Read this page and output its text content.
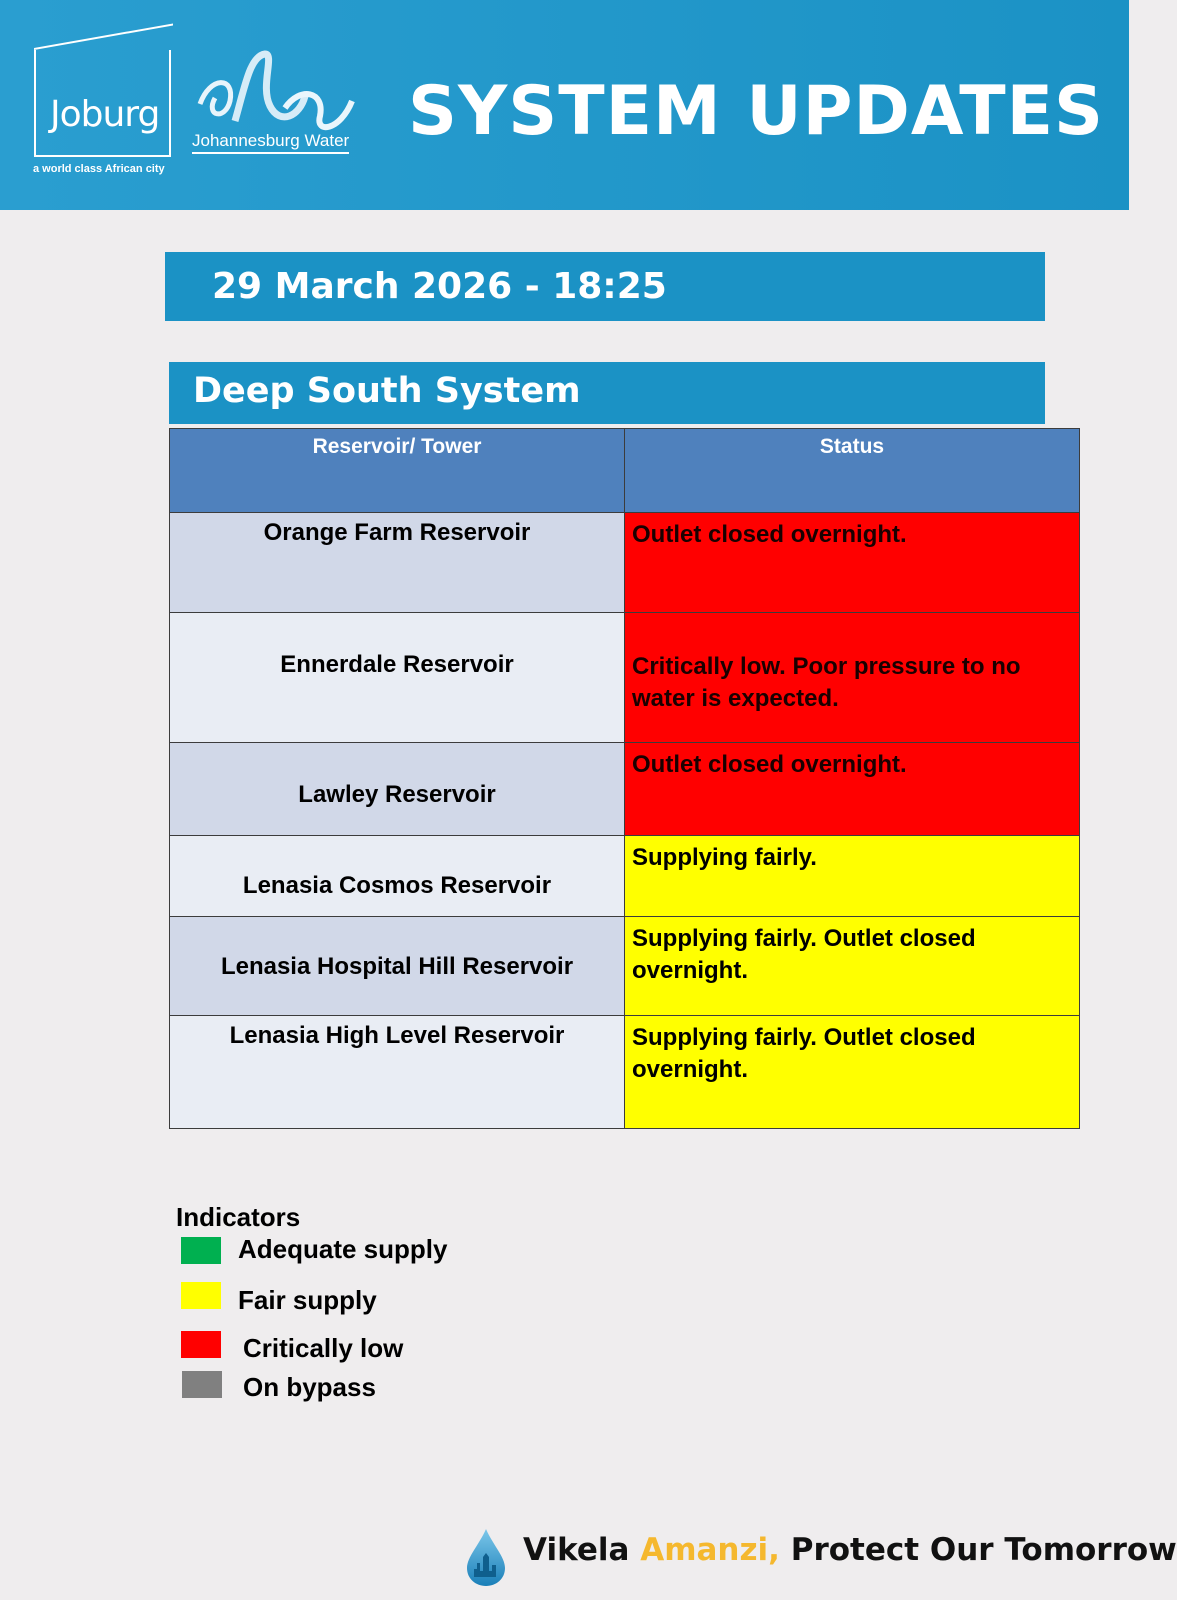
Joburg
a world class African city
Johannesburg Water SYSTEM UPDATES
29 March 2026 - 18:25
Deep South System
Reservoir/ Tower	Status
Orange Farm Reservoir	Outlet closed overnight.
Ennerdale Reservoir	Critically low. Poor pressure to no water is expected.
Lawley Reservoir	Outlet closed overnight.
Lenasia Cosmos Reservoir	Supplying fairly.
Lenasia Hospital Hill Reservoir	Supplying fairly. Outlet closed overnight.
Lenasia High Level Reservoir	Supplying fairly. Outlet closed overnight.
Indicators
Adequate supply
Fair supply
Critically low
On bypass
Vikela Amanzi, Protect Our Tomorrow
